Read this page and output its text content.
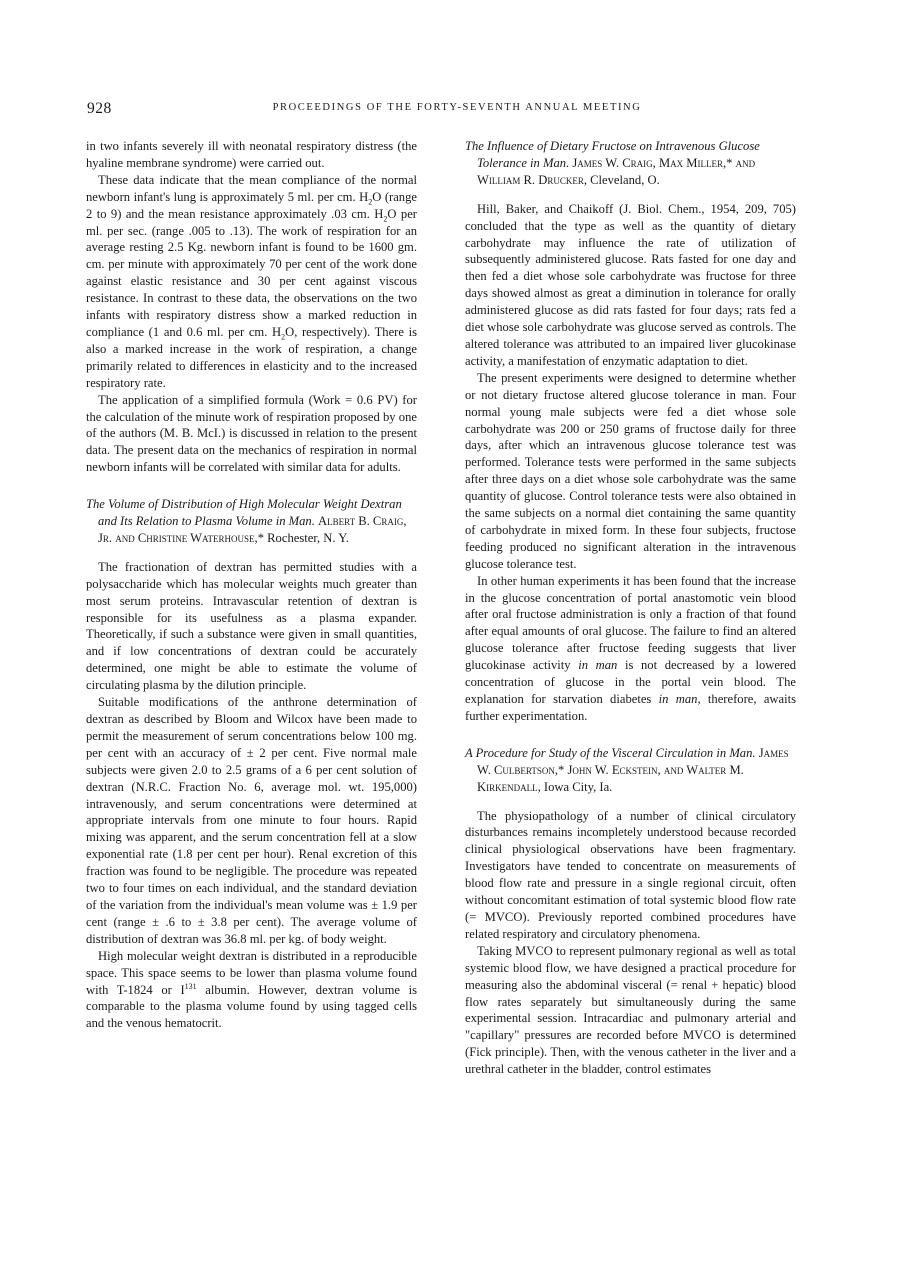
928	PROCEEDINGS OF THE FORTY-SEVENTH ANNUAL MEETING

in two infants severely ill with neonatal respiratory distress (the hyaline membrane syndrome) were carried out.

These data indicate that the mean compliance of the normal newborn infant's lung is approximately 5 ml. per cm. $H_2O$ (range 2 to 9) and the mean resistance approximately .03 cm. $H_2O$ per ml. per sec. (range .005 to .13). The work of respiration for an average resting 2.5 Kg. newborn infant is found to be 1600 gm. cm. per minute with approximately 70 per cent of the work done against elastic resistance and 30 per cent against viscous resistance. In contrast to these data, the observations on the two infants with respiratory distress show a marked reduction in compliance (1 and 0.6 ml. per cm. $H_2O$, respectively). There is also a marked increase in the work of respiration, a change primarily related to differences in elasticity and to the increased respiratory rate.

The application of a simplified formula (Work = 0.6 PV) for the calculation of the minute work of respiration proposed by one of the authors (M. B. McI.) is discussed in relation to the present data. The present data on the mechanics of respiration in normal newborn infants will be correlated with similar data for adults.

The Volume of Distribution of High Molecular Weight Dextran and Its Relation to Plasma Volume in Man. Albert B. Craig, Jr. and Christine Waterhouse,* Rochester, N. Y.

The fractionation of dextran has permitted studies with a polysaccharide which has molecular weights much greater than most serum proteins. Intravascular retention of dextran is responsible for its usefulness as a plasma expander. Theoretically, if such a substance were given in small quantities, and if low concentrations of dextran could be accurately determined, one might be able to estimate the volume of circulating plasma by the dilution principle.

Suitable modifications of the anthrone determination of dextran as described by Bloom and Wilcox have been made to permit the measurement of serum concentrations below 100 mg. per cent with an accuracy of ± 2 per cent. Five normal male subjects were given 2.0 to 2.5 grams of a 6 per cent solution of dextran (N.R.C. Fraction No. 6, average mol. wt. 195,000) intravenously, and serum concentrations were determined at appropriate intervals from one minute to four hours. Rapid mixing was apparent, and the serum concentration fell at a slow exponential rate (1.8 per cent per hour). Renal excretion of this fraction was found to be negligible. The procedure was repeated two to four times on each individual, and the standard deviation of the variation from the individual's mean volume was ± 1.9 per cent (range ± .6 to ± 3.8 per cent). The average volume of distribution of dextran was 36.8 ml. per kg. of body weight.

High molecular weight dextran is distributed in a reproducible space. This space seems to be lower than plasma volume found with T-1824 or $I^{131}$ albumin. However, dextran volume is comparable to the plasma volume found by using tagged cells and the venous hematocrit.

The Influence of Dietary Fructose on Intravenous Glucose Tolerance in Man. James W. Craig, Max Miller,* and William R. Drucker, Cleveland, O.

Hill, Baker, and Chaikoff (J. Biol. Chem., 1954, 209, 705) concluded that the type as well as the quantity of dietary carbohydrate may influence the rate of utilization of subsequently administered glucose. Rats fasted for one day and then fed a diet whose sole carbohydrate was fructose for three days showed almost as great a diminution in tolerance for orally administered glucose as did rats fasted for four days; rats fed a diet whose sole carbohydrate was glucose served as controls. The altered tolerance was attributed to an impaired liver glucokinase activity, a manifestation of enzymatic adaptation to diet.

The present experiments were designed to determine whether or not dietary fructose altered glucose tolerance in man. Four normal young male subjects were fed a diet whose sole carbohydrate was 200 or 250 grams of fructose daily for three days, after which an intravenous glucose tolerance test was performed. Tolerance tests were performed in the same subjects after three days on a diet whose sole carbohydrate was the same quantity of glucose. Control tolerance tests were also obtained in the same subjects on a normal diet containing the same quantity of carbohydrate in mixed form. In these four subjects, fructose feeding produced no significant alteration in the intravenous glucose tolerance test.

In other human experiments it has been found that the increase in the glucose concentration of portal anastomotic vein blood after oral fructose administration is only a fraction of that found after equal amounts of oral glucose. The failure to find an altered glucose tolerance after fructose feeding suggests that liver glucokinase activity in man is not decreased by a lowered concentration of glucose in the portal vein blood. The explanation for starvation diabetes in man, therefore, awaits further experimentation.

A Procedure for Study of the Visceral Circulation in Man. James W. Culbertson,* John W. Eckstein, and Walter M. Kirkendall, Iowa City, Ia.

The physiopathology of a number of clinical circulatory disturbances remains incompletely understood because recorded clinical physiological observations have been fragmentary. Investigators have tended to concentrate on measurements of blood flow rate and pressure in a single regional circuit, often without concomitant estimation of total systemic blood flow rate (= MVCO). Previously reported combined procedures have related respiratory and circulatory phenomena.

Taking MVCO to represent pulmonary regional as well as total systemic blood flow, we have designed a practical procedure for measuring also the abdominal visceral (= renal + hepatic) blood flow rates separately but simultaneously during the same experimental session. Intracardiac and pulmonary arterial and "capillary" pressures are recorded before MVCO is determined (Fick principle). Then, with the venous catheter in the liver and a urethral catheter in the bladder, control estimates
